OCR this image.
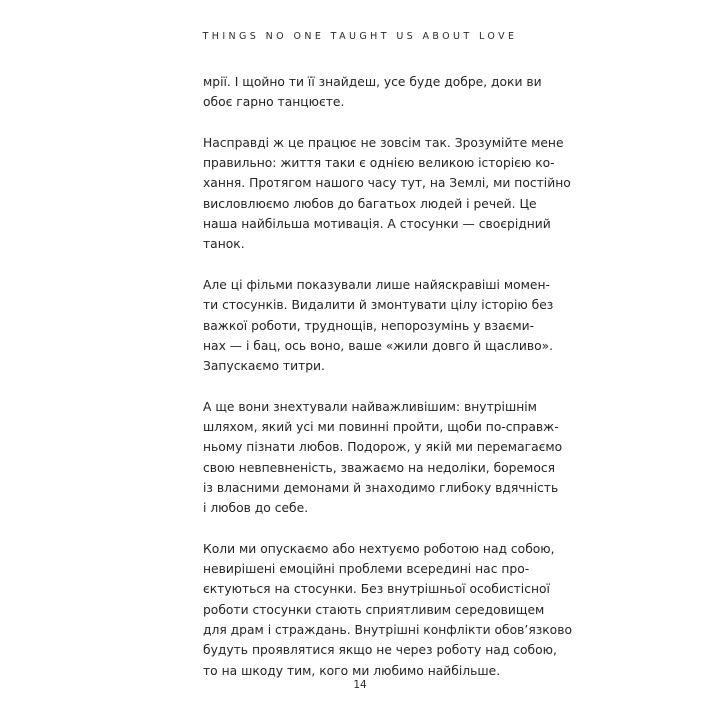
THINGS NO ONE TAUGHT US ABOUT LOVE

мрії. І щойно ти її знайдеш, усе буде добре, доки ви
обоє гарно танцюєте.

Насправді ж це працює не зовсім так. Зрозумійте мене
правильно: життя таки є однією великою історією ко-
хання. Протягом нашого часу тут, на Землі, ми постійно
висловлюємо любов до багатьох людей і речей. Це
наша найбільша мотивація. А стосунки — своєрідний
танок.

Але ці фільми показували лише найяскравіші момен-
ти стосунків. Видалити й змонтувати цілу історію без
важкої роботи, труднощів, непорозумінь у взаєми-
нах — і бац, ось воно, ваше «жили довго й щасливо».
Запускаємо титри.

А ще вони знехтували найважливішим: внутрішнім
шляхом, який усі ми повинні пройти, щоби по-справж-
ньому пізнати любов. Подорож, у якій ми перемагаємо
свою невпевненість, зважаємо на недоліки, боремося
із власними демонами й знаходимо глибоку вдячність
і любов до себе.

Коли ми опускаємо або нехтуємо роботою над собою,
невирішені емоційні проблеми всередині нас про-
єктуються на стосунки. Без внутрішньої особистісної
роботи стосунки стають сприятливим середовищем
для драм і страждань. Внутрішні конфлікти обов’язково
будуть проявлятися якщо не через роботу над собою,
то на шкоду тим, кого ми любимо найбільше.

14
